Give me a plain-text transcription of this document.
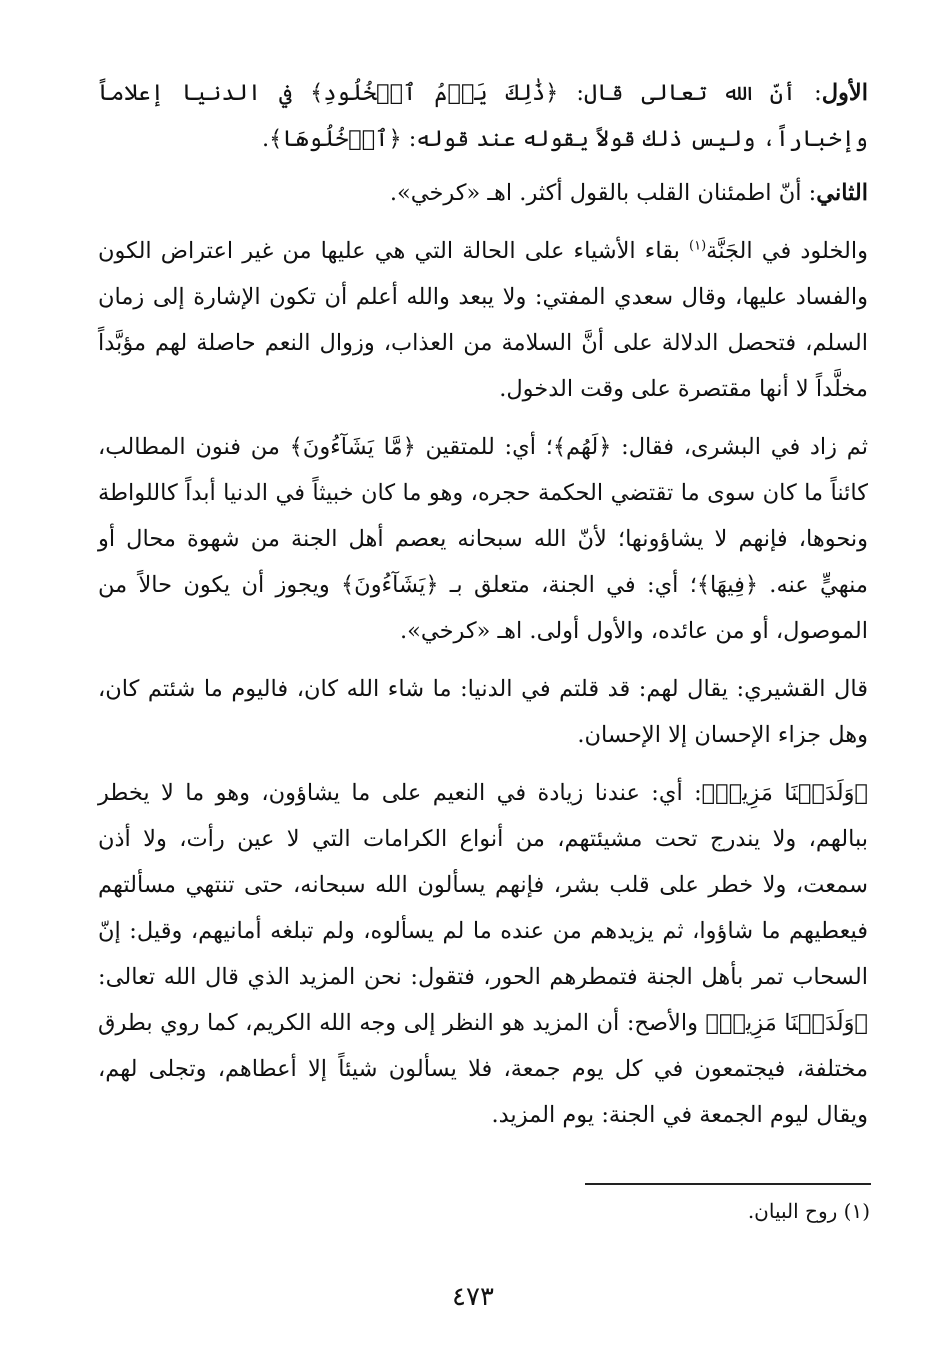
الأول: أنّ الله تعالى قال: ﴿ذَٰلِكَ يَوۡمُ ٱلۡخُلُودِ﴾ في الدنيا إعلاماً وإخباراً، وليس ذلك قولاً يقوله عند قوله: ﴿ٱدۡخُلُوهَا﴾.

الثاني: أنّ اطمئنان القلب بالقول أكثر. اهـ «كرخي».

والخلود في الجَنَّة$^{(١)}$ بقاء الأشياء على الحالة التي هي عليها من غير اعتراض الكون والفساد عليها، وقال سعدي المفتي: ولا يبعد والله أعلم أن تكون الإشارة إلى زمان السلم، فتحصل الدلالة على أنَّ السلامة من العذاب، وزوال النعم حاصلة لهم مؤبَّداً مخلَّداً لا أنها مقتصرة على وقت الدخول.

ثم زاد في البشرى، فقال: ﴿لَهُم﴾؛ أي: للمتقين ﴿مَّا يَشَآءُونَ﴾ من فنون المطالب، كائناً ما كان سوى ما تقتضي الحكمة حجره، وهو ما كان خبيثاً في الدنيا أبداً كاللواطة ونحوها، فإنهم لا يشاؤونها؛ لأنّ الله سبحانه يعصم أهل الجنة من شهوة محال أو منهيٍّ عنه. ﴿فِيهَا﴾؛ أي: في الجنة، متعلق بـ ﴿يَشَآءُونَ﴾ ويجوز أن يكون حالاً من الموصول، أو من عائده، والأول أولى. اهـ «كرخي».

قال القشيري: يقال لهم: قد قلتم في الدنيا: ما شاء الله كان، فاليوم ما شئتم كان، وهل جزاء الإحسان إلا الإحسان.

﴿وَلَدَيۡنَا مَزِيدٞ﴾: أي: عندنا زيادة في النعيم على ما يشاؤون، وهو ما لا يخطر ببالهم، ولا يندرج تحت مشيئتهم، من أنواع الكرامات التي لا عين رأت، ولا أذن سمعت، ولا خطر على قلب بشر، فإنهم يسألون الله سبحانه، حتى تنتهي مسألتهم فيعطيهم ما شاؤوا، ثم يزيدهم من عنده ما لم يسألوه، ولم تبلغه أمانيهم، وقيل: إنّ السحاب تمر بأهل الجنة فتمطرهم الحور، فتقول: نحن المزيد الذي قال الله تعالى: ﴿وَلَدَيۡنَا مَزِيدٞ﴾ والأصح: أن المزيد هو النظر إلى وجه الله الكريم، كما روي بطرق مختلفة، فيجتمعون في كل يوم جمعة، فلا يسألون شيئاً إلا أعطاهم، وتجلى لهم، ويقال ليوم الجمعة في الجنة: يوم المزيد.

(١) روح البيان.
٤٧٣
